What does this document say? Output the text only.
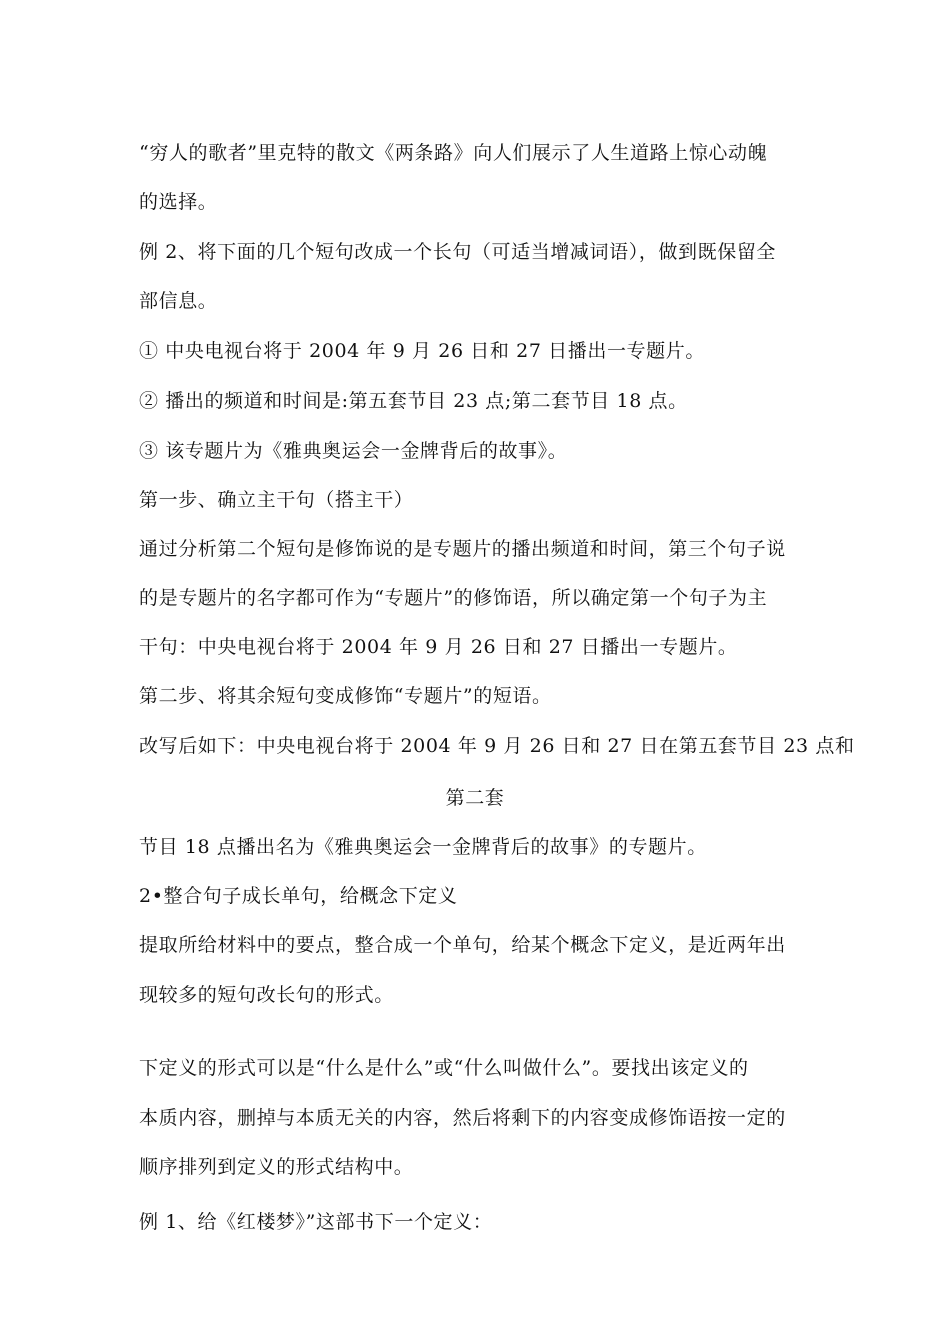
“穷人的歌者”里克特的散文《两条路》向人们展示了人生道路上惊心动魄
的选择。
例 2、将下面的几个短句改成一个长句（可适当增减词语），做到既保留全
部信息。
① 中央电视台将于 2004 年 9 月 26 日和 27 日播出一专题片。
② 播出的频道和时间是:第五套节目 23 点;第二套节目 18 点。
③ 该专题片为《雅典奥运会一金牌背后的故事》。
第一步、确立主干句（搭主干）
通过分析第二个短句是修饰说的是专题片的播出频道和时间，第三个句子说
的是专题片的名字都可作为“专题片”的修饰语，所以确定第一个句子为主
干句：中央电视台将于 2004 年 9 月 26 日和 27 日播出一专题片。
第二步、将其余短句变成修饰“专题片”的短语。
改写后如下：中央电视台将于 2004 年 9 月 26 日和 27 日在第五套节目 23 点和
第二套
节目 18 点播出名为《雅典奥运会一金牌背后的故事》的专题片。
2•整合句子成长单句，给概念下定义
提取所给材料中的要点，整合成一个单句，给某个概念下定义，是近两年出
现较多的短句改长句的形式。
下定义的形式可以是“什么是什么”或“什么叫做什么”。要找出该定义的
本质内容，删掉与本质无关的内容，然后将剩下的内容变成修饰语按一定的
顺序排列到定义的形式结构中。
例 1、给《红楼梦》”这部书下一个定义：
